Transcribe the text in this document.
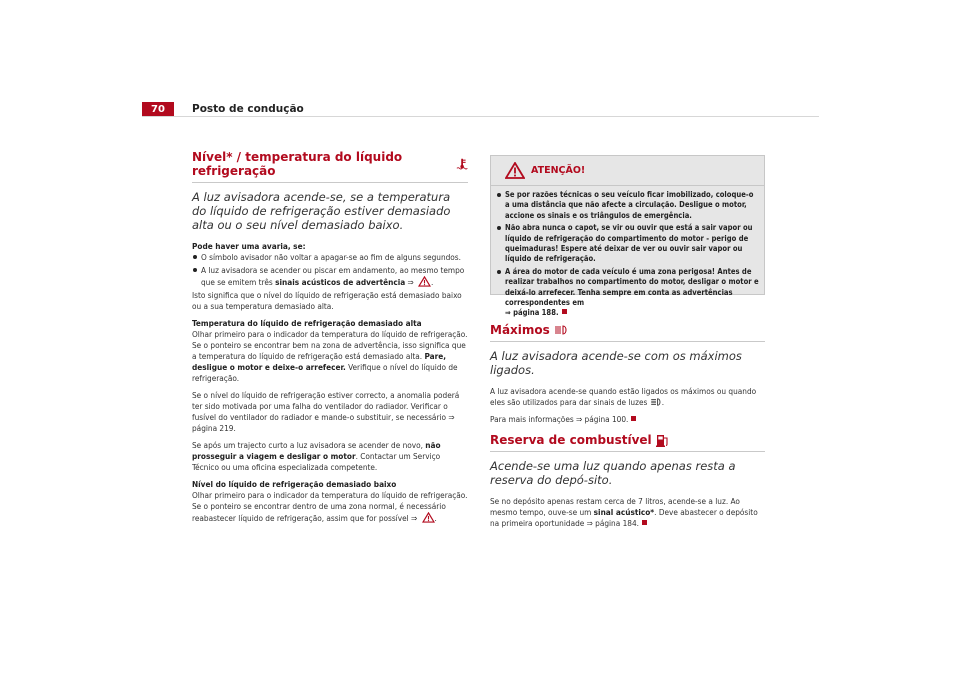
70	Posto de condução
Nível* / temperatura do líquido refrigeração
A luz avisadora acende-se, se a temperatura do líquido de refrigeração estiver demasiado alta ou o seu nível demasiado baixo.

Pode haver uma avaria, se:

O símbolo avisador não voltar a apagar-se ao fim de alguns segundos.

A luz avisadora se acender ou piscar em andamento, ao mesmo tempo que se emitem três sinais acústicos de advertência ⇒ .

Isto significa que o nível do líquido de refrigeração está demasiado baixo ou a sua temperatura demasiado alta.

Temperatura do líquido de refrigeração demasiado alta

Olhar primeiro para o indicador da temperatura do líquido de refrigeração. Se o ponteiro se encontrar bem na zona de advertência, isso significa que a temperatura do líquido de refrigeração está demasiado alta. Pare, desligue o motor e deixe-o arrefecer. Verifique o nível do líquido de refrigeração.

Se o nível do líquido de refrigeração estiver correcto, a anomalia poderá ter sido motivada por uma falha do ventilador do radiador. Verificar o fusível do ventilador do radiador e mande-o substituir, se necessário ⇒ página 219.

Se após um trajecto curto a luz avisadora se acender de novo, não prosseguir a viagem e desligar o motor. Contactar um Serviço Técnico ou uma oficina especializada competente.

Nível do líquido de refrigeração demasiado baixo

Olhar primeiro para o indicador da temperatura do líquido de refrigeração. Se o ponteiro se encontrar dentro de uma zona normal, é necessário reabastecer líquido de refrigeração, assim que for possível ⇒ .

ATENÇÃO!

Se por razões técnicas o seu veículo ficar imobilizado, coloque-o a uma distância que não afecte a circulação. Desligue o motor, accione os sinais e os triângulos de emergência.

Não abra nunca o capot, se vir ou ouvir que está a sair vapor ou líquido de refrigeração do compartimento do motor - perigo de queimaduras! Espere até deixar de ver ou ouvir sair vapor ou líquido de refrigeração.

A área do motor de cada veículo é uma zona perigosa! Antes de realizar trabalhos no compartimento do motor, desligar o motor e deixá-lo arrefecer. Tenha sempre em conta as advertências correspondentes em
⇒ página 188.

Máximos
A luz avisadora acende-se com os máximos ligados.

A luz avisadora acende-se quando estão ligados os máximos ou quando eles são utilizados para dar sinais de luzes .

Para mais informações ⇒ página 100.

Reserva de combustível
Acende-se uma luz quando apenas resta a reserva do depó-sito.

Se no depósito apenas restam cerca de 7 litros, acende-se a luz. Ao mesmo tempo, ouve-se um sinal acústico*. Deve abastecer o depósito na primeira oportunidade ⇒ página 184.
